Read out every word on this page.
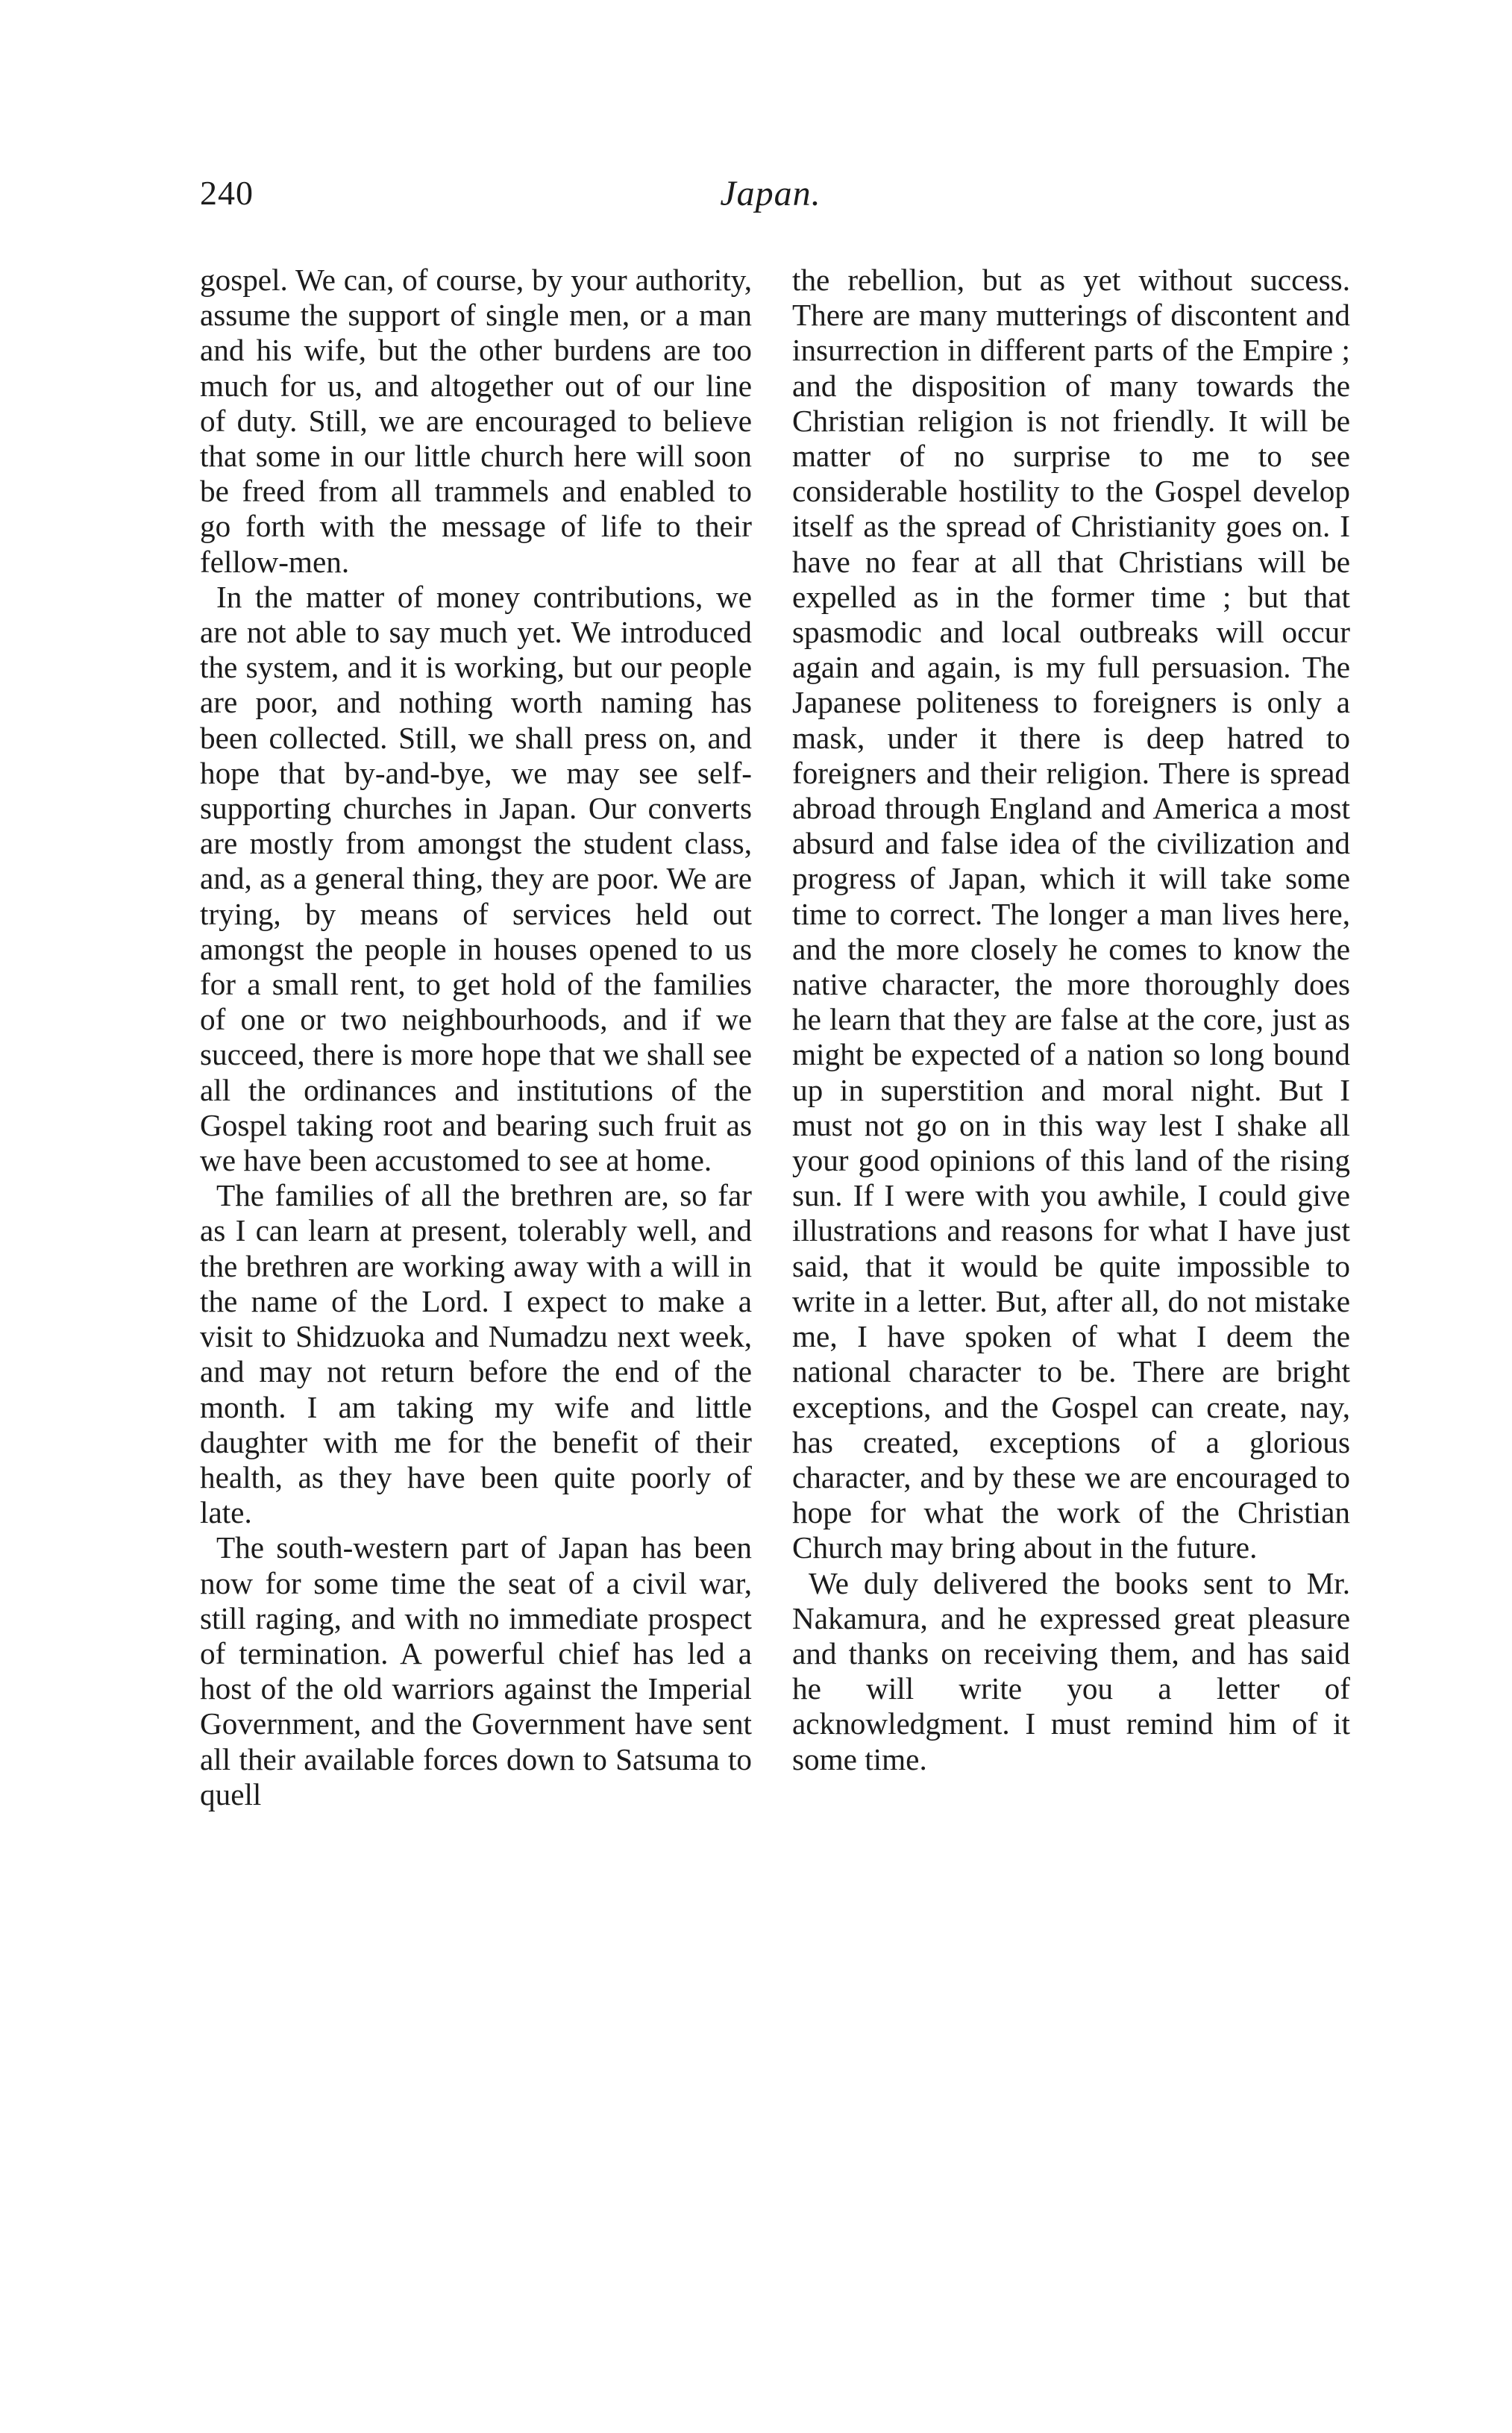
240	Japan.

gospel. We can, of course, by your authority, assume the support of single men, or a man and his wife, but the other burdens are too much for us, and altogether out of our line of duty. Still, we are encouraged to believe that some in our little church here will soon be freed from all trammels and enabled to go forth with the message of life to their fellow-men.

In the matter of money contributions, we are not able to say much yet. We introduced the system, and it is working, but our people are poor, and nothing worth naming has been collected. Still, we shall press on, and hope that by-and-bye, we may see self-supporting churches in Japan. Our converts are mostly from amongst the student class, and, as a general thing, they are poor. We are trying, by means of services held out amongst the people in houses opened to us for a small rent, to get hold of the families of one or two neighbourhoods, and if we succeed, there is more hope that we shall see all the ordinances and institutions of the Gospel taking root and bearing such fruit as we have been accustomed to see at home.

The families of all the brethren are, so far as I can learn at present, tolerably well, and the brethren are working away with a will in the name of the Lord. I expect to make a visit to Shidzuoka and Numadzu next week, and may not return before the end of the month. I am taking my wife and little daughter with me for the benefit of their health, as they have been quite poorly of late.

The south-western part of Japan has been now for some time the seat of a civil war, still raging, and with no immediate prospect of termination. A powerful chief has led a host of the old warriors against the Imperial Government, and the Government have sent all their available forces down to Satsuma to quell

the rebellion, but as yet without success. There are many mutterings of discontent and insurrection in different parts of the Empire ; and the disposition of many towards the Christian religion is not friendly. It will be matter of no surprise to me to see considerable hostility to the Gospel develop itself as the spread of Christianity goes on. I have no fear at all that Christians will be expelled as in the former time ; but that spasmodic and local outbreaks will occur again and again, is my full persuasion. The Japanese politeness to foreigners is only a mask, under it there is deep hatred to foreigners and their religion. There is spread abroad through England and America a most absurd and false idea of the civilization and progress of Japan, which it will take some time to correct. The longer a man lives here, and the more closely he comes to know the native character, the more thoroughly does he learn that they are false at the core, just as might be expected of a nation so long bound up in superstition and moral night. But I must not go on in this way lest I shake all your good opinions of this land of the rising sun. If I were with you awhile, I could give illustrations and reasons for what I have just said, that it would be quite impossible to write in a letter. But, after all, do not mistake me, I have spoken of what I deem the national character to be. There are bright exceptions, and the Gospel can create, nay, has created, exceptions of a glorious character, and by these we are encouraged to hope for what the work of the Christian Church may bring about in the future.

We duly delivered the books sent to Mr. Nakamura, and he expressed great pleasure and thanks on receiving them, and has said he will write you a letter of acknowledgment. I must remind him of it some time.
